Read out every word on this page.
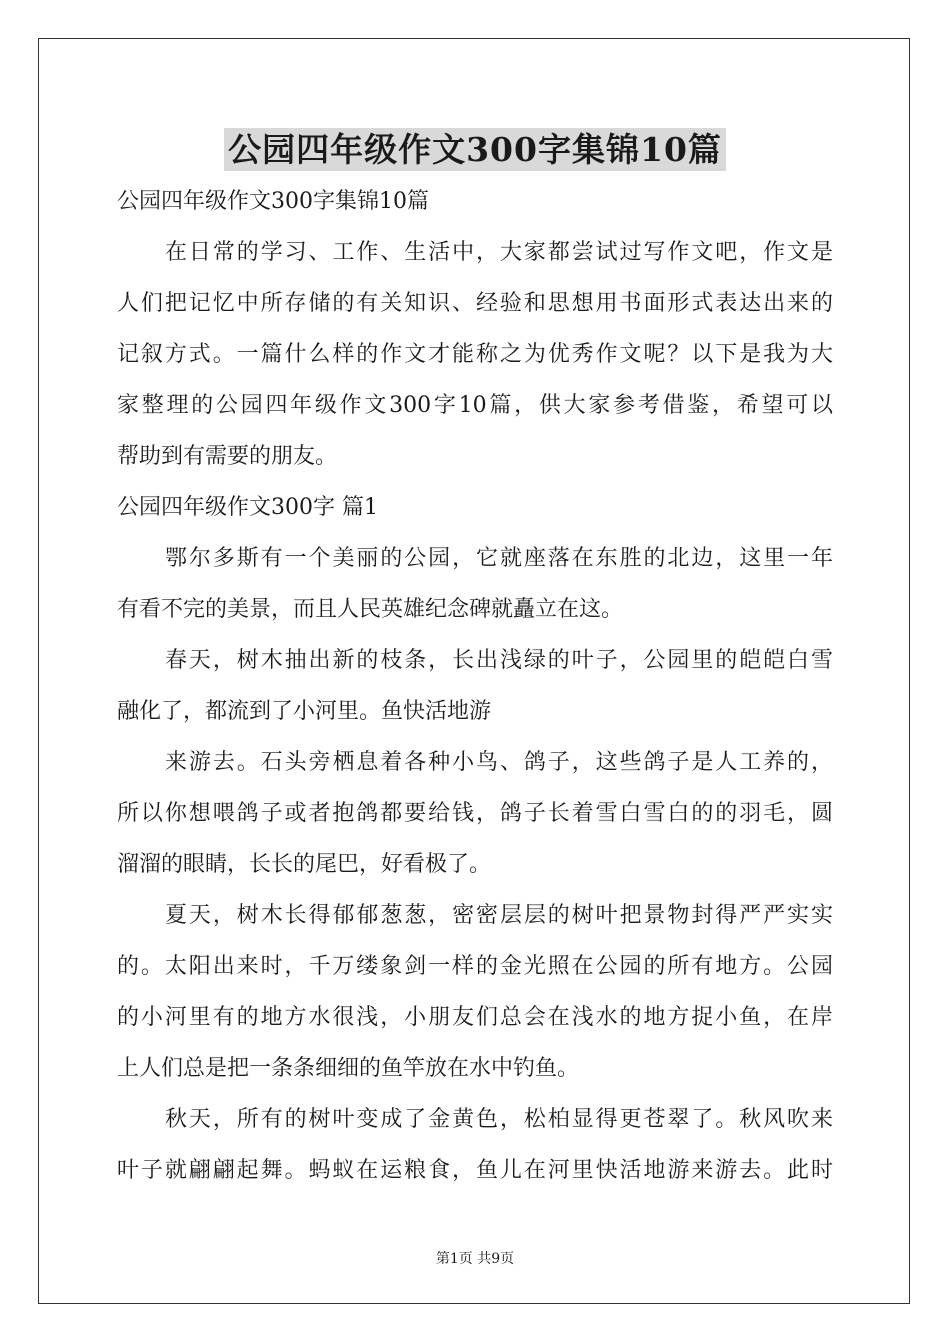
公园四年级作文300字集锦10篇
公园四年级作文300字集锦10篇
在日常的学习、工作、生活中，大家都尝试过写作文吧，作文是
人们把记忆中所存储的有关知识、经验和思想用书面形式表达出来的
记叙方式。一篇什么样的作文才能称之为优秀作文呢？以下是我为大
家整理的公园四年级作文300字10篇，供大家参考借鉴，希望可以
帮助到有需要的朋友。
公园四年级作文300字 篇1
鄂尔多斯有一个美丽的公园，它就座落在东胜的北边，这里一年
有看不完的美景，而且人民英雄纪念碑就矗立在这。
春天，树木抽出新的枝条，长出浅绿的叶子，公园里的皑皑白雪
融化了，都流到了小河里。鱼快活地游
来游去。石头旁栖息着各种小鸟、鸽子，这些鸽子是人工养的，
所以你想喂鸽子或者抱鸽都要给钱，鸽子长着雪白雪白的的羽毛，圆
溜溜的眼睛，长长的尾巴，好看极了。
夏天，树木长得郁郁葱葱，密密层层的树叶把景物封得严严实实
的。太阳出来时，千万缕象剑一样的金光照在公园的所有地方。公园
的小河里有的地方水很浅，小朋友们总会在浅水的地方捉小鱼，在岸
上人们总是把一条条细细的鱼竿放在水中钓鱼。
秋天，所有的树叶变成了金黄色，松柏显得更苍翠了。秋风吹来
叶子就翩翩起舞。蚂蚁在运粮食，鱼儿在河里快活地游来游去。此时
第1页 共9页
